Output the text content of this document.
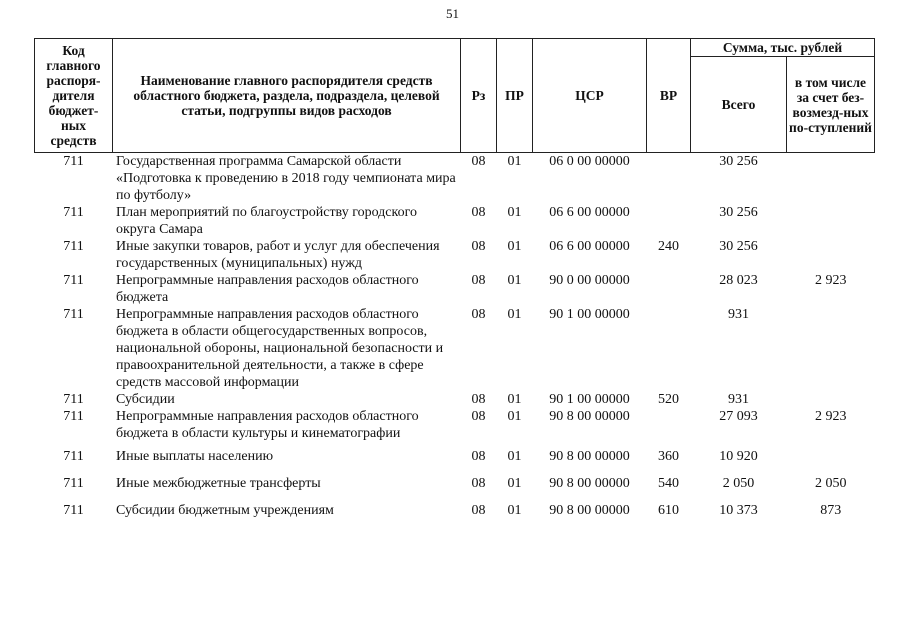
51
Код главного распоря-дителя бюджет-ных средств	Наименование главного распорядителя средств областного бюджета, раздела, подраздела, целевой статьи, подгруппы видов расходов	Рз	ПР	ЦСР	ВР	Сумма, тыс. рублей	
						Всего	в том числе за счет без-возмезд-ных по-ступлений
711	Государственная программа Самарской области «Подготовка к проведению в 2018 году чемпионата мира по футболу»	08	01	06 0 00 00000		30 256	
711	План мероприятий по благоустройству городского округа Самара	08	01	06 6 00 00000		30 256	
711	Иные закупки товаров, работ и услуг для обеспечения государственных (муниципальных) нужд	08	01	06 6 00 00000	240	30 256	
711	Непрограммные направления расходов областного бюджета	08	01	90 0 00 00000		28 023	2 923
711	Непрограммные направления расходов областного бюджета в области общегосударственных вопросов, национальной обороны, национальной безопасности и правоохранительной деятельности, а также в сфере средств массовой информации	08	01	90 1 00 00000		931	
711	Субсидии	08	01	90 1 00 00000	520	931	
711	Непрограммные направления расходов областного бюджета в области культуры и кинематографии	08	01	90 8 00 00000		27 093	2 923
711	Иные выплаты населению	08	01	90 8 00 00000	360	10 920	
711	Иные межбюджетные трансферты	08	01	90 8 00 00000	540	2 050	2 050
711	Субсидии бюджетным учреждениям	08	01	90 8 00 00000	610	10 373	873
